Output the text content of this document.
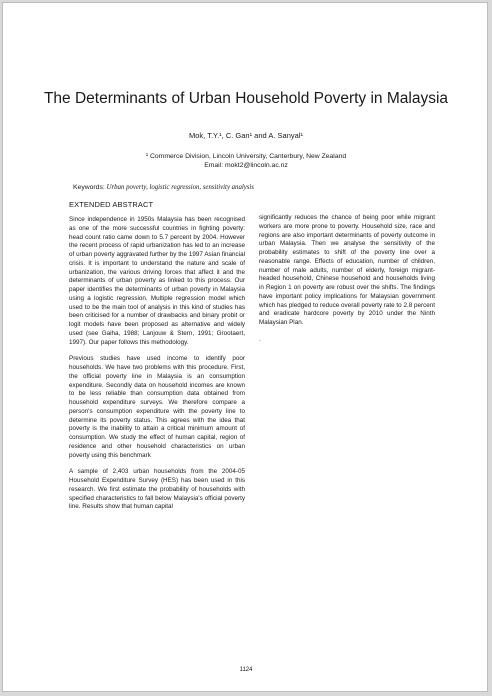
The Determinants of Urban Household Poverty in Malaysia
Mok, T.Y.¹, C. Gan¹ and A. Sanyal¹
¹ Commerce Division, Lincoln University, Canterbury, New Zealand
Email: mokt2@lincoln.ac.nz
Keywords: Urban poverty, logistic regression, sensitivity analysis
EXTENDED ABSTRACT

Since independence in 1950s Malaysia has been recognised as one of the more successful countries in fighting poverty: head count ratio came down to 5.7 percent by 2004. However the recent process of rapid urbanization has led to an increase of urban poverty aggravated further by the 1997 Asian financial crisis. It is important to understand the nature and scale of urbanization, the various driving forces that affect it and the determinants of urban poverty as linked to this process. Our paper identifies the determinants of urban poverty in Malaysia using a logistic regression. Multiple regression model which used to be the main tool of analysis in this kind of studies has been criticised for a number of drawbacks and binary probit or logit models have been proposed as alternative and widely used (see Gaiha, 1988; Lanjouw & Stern, 1991; Grootaert, 1997). Our paper follows this methodology.

Previous studies have used income to identify poor households. We have two problems with this procedure. First, the official poverty line in Malaysia is an consumption expenditure. Secondly data on household incomes are known to be less reliable than consumption data obtained from household expenditure surveys. We therefore compare a person's consumption expenditure with the poverty line to determine its poverty status. This agrees with the idea that poverty is the inability to attain a critical minimum amount of consumption. We study the effect of human capital, region of residence and other household characteristics on urban poverty using this benchmark

A sample of 2,403 urban households from the 2004-05 Household Expenditure Survey (HES) has been used in this research. We first estimate the probability of households with specified characteristics to fall below Malaysia's official poverty line. Results show that human capital

significantly reduces the chance of being poor while migrant workers are more prone to poverty. Household size, race and regions are also important determinants of poverty outcome in urban Malaysia. Then we analyse the sensitivity of the probability estimates to shift of the poverty line over a reasonable range. Effects of education, number of children, number of male adults, number of elderly, foreign migrant-headed household, Chinese household and households living in Region 1 on poverty are robust over the shifts. The findings have important policy implications for Malaysian government which has pledged to reduce overall poverty rate to 2.8 percent and eradicate hardcore poverty by 2010 under the Ninth Malaysian Plan.

.
1124
